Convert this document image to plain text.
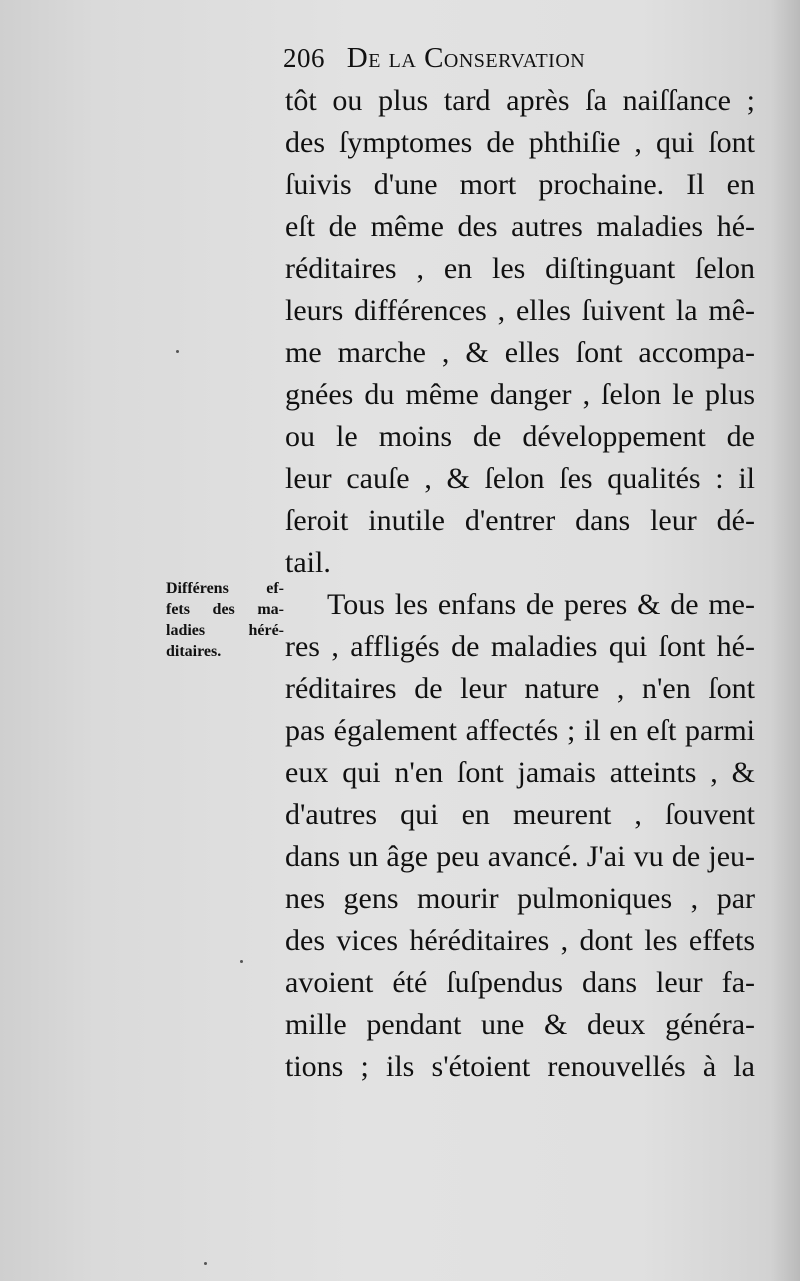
206 De la Conservation
Différens ef-
fets des ma-
ladies héré-
ditaires.
tôt ou plus tard après ſa naiſſance ;
des ſymptomes de phthiſie , qui ſont
ſuivis d'une mort prochaine. Il en
eſt de même des autres maladies hé-
réditaires , en les diſtinguant ſelon
leurs différences , elles ſuivent la mê-
me marche , & elles ſont accompa-
gnées du même danger , ſelon le plus
ou le moins de développement de
leur cauſe , & ſelon ſes qualités : il
ſeroit inutile d'entrer dans leur dé-
tail.
Tous les enfans de peres & de me-
res , affligés de maladies qui ſont hé-
réditaires de leur nature , n'en ſont
pas également affectés ; il en eſt parmi
eux qui n'en ſont jamais atteints , &
d'autres qui en meurent , ſouvent
dans un âge peu avancé. J'ai vu de jeu-
nes gens mourir pulmoniques , par
des vices héréditaires , dont les effets
avoient été ſuſpendus dans leur fa-
mille pendant une & deux généra-
tions ; ils s'étoient renouvellés à la
